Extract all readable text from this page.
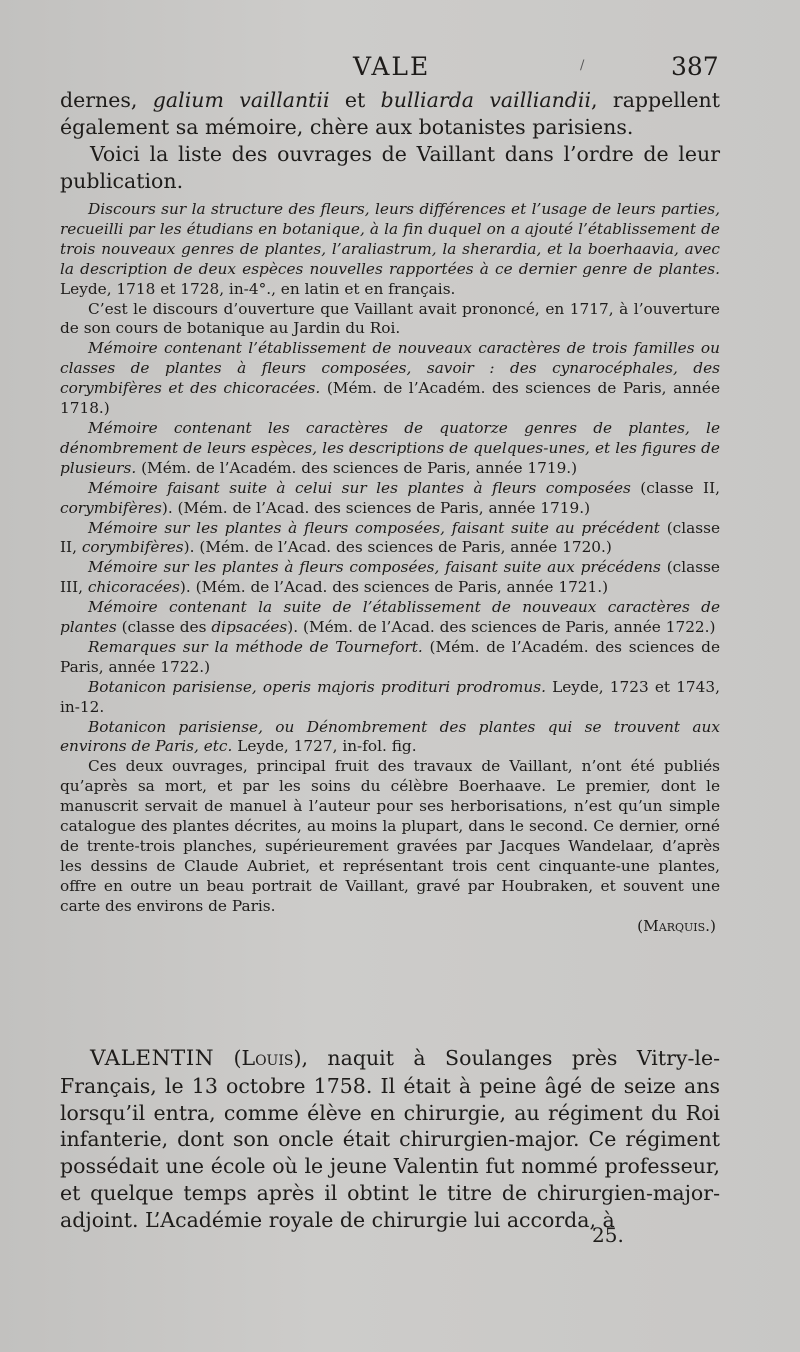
/
VALE	387

dernes, galium vaillantii et bulliarda vailliandii, rappellent également sa mémoire, chère aux botanistes parisiens.

Voici la liste des ouvrages de Vaillant dans l’ordre de leur publication.

Discours sur la structure des fleurs, leurs différences et l’usage de leurs parties, recueilli par les étudians en botanique, à la fin duquel on a ajouté l’établissement de trois nouveaux genres de plantes, l’araliastrum, la sherardia, et la boerhaavia, avec la description de deux espèces nouvelles rapportées à ce dernier genre de plantes. Leyde, 1718 et 1728, in-4°., en latin et en français.

C’est le discours d’ouverture que Vaillant avait prononcé, en 1717, à l’ouverture de son cours de botanique au Jardin du Roi.

Mémoire contenant l’établissement de nouveaux caractères de trois familles ou classes de plantes à fleurs composées, savoir : des cynarocéphales, des corymbifères et des chicoracées. (Mém. de l’Académ. des sciences de Paris, année 1718.)

Mémoire contenant les caractères de quatorze genres de plantes, le dénombrement de leurs espèces, les descriptions de quelques-unes, et les figures de plusieurs. (Mém. de l’Académ. des sciences de Paris, année 1719.)

Mémoire faisant suite à celui sur les plantes à fleurs composées (classe II, corymbifères). (Mém. de l’Acad. des sciences de Paris, année 1719.)

Mémoire sur les plantes à fleurs composées, faisant suite au précédent (classe II, corymbifères). (Mém. de l’Acad. des sciences de Paris, année 1720.)

Mémoire sur les plantes à fleurs composées, faisant suite aux précédens (classe III, chicoracées). (Mém. de l’Acad. des sciences de Paris, année 1721.)

Mémoire contenant la suite de l’établissement de nouveaux caractères de plantes (classe des dipsacées). (Mém. de l’Acad. des sciences de Paris, année 1722.)

Remarques sur la méthode de Tournefort. (Mém. de l’Académ. des sciences de Paris, année 1722.)

Botanicon parisiense, operis majoris prodituri prodromus. Leyde, 1723 et 1743, in-12.

Botanicon parisiense, ou Dénombrement des plantes qui se trouvent aux environs de Paris, etc. Leyde, 1727, in-fol. fig.

Ces deux ouvrages, principal fruit des travaux de Vaillant, n’ont été publiés qu’après sa mort, et par les soins du célèbre Boerhaave. Le premier, dont le manuscrit servait de manuel à l’auteur pour ses herborisations, n’est qu’un simple catalogue des plantes décrites, au moins la plupart, dans le second. Ce dernier, orné de trente-trois planches, supérieurement gravées par Jacques Wandelaar, d’après les dessins de Claude Aubriet, et représentant trois cent cinquante-une plantes, offre en outre un beau portrait de Vaillant, gravé par Houbraken, et souvent une carte des environs de Paris.
(Marquis.)

VALENTIN (Louis), naquit à Soulanges près Vitry-le-Français, le 13 octobre 1758. Il était à peine âgé de seize ans lorsqu’il entra, comme élève en chirurgie, au régiment du Roi infanterie, dont son oncle était chirurgien-major. Ce régiment possédait une école où le jeune Valentin fut nommé professeur, et quelque temps après il obtint le titre de chirurgien-major-adjoint. L’Académie royale de chirurgie lui accorda, à

25.
